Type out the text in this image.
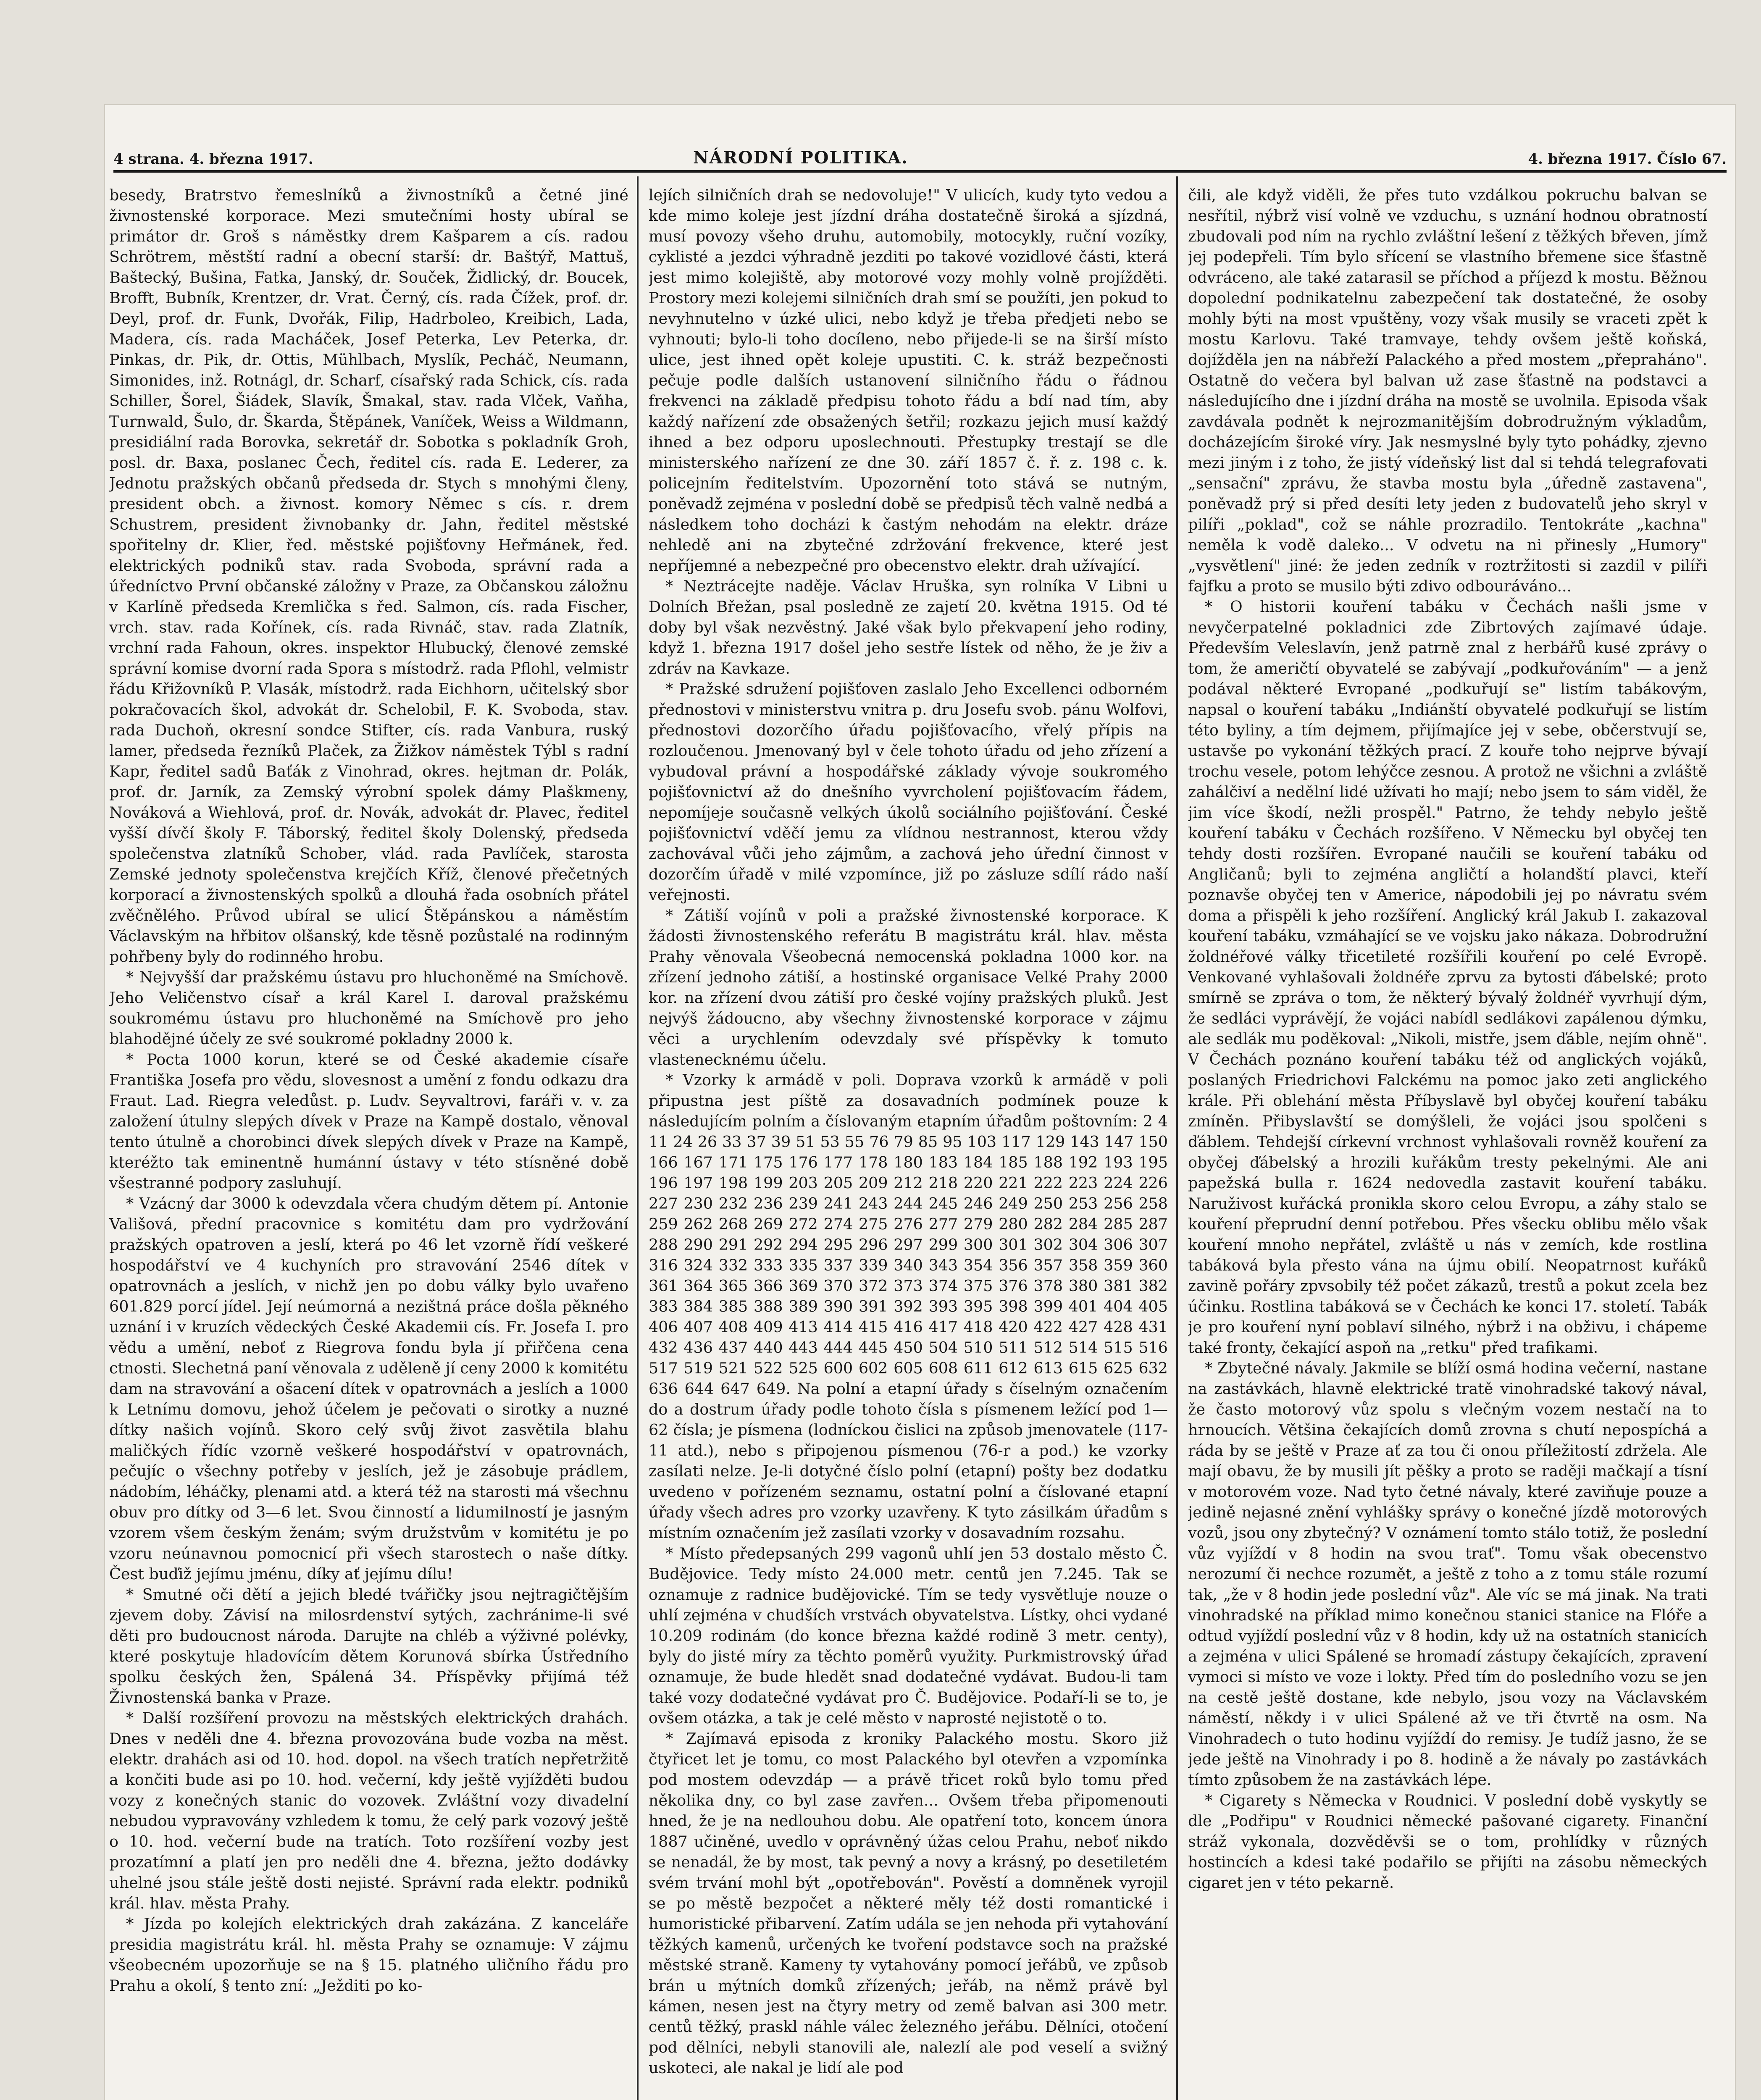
4 strana. 4. března 1917.	NÁRODNÍ POLITIKA.	4. března 1917. Číslo 67.

besedy, Bratrstvo řemeslníků a živnostníků a četné jiné živnostenské korporace. Mezi smutečními hosty ubíral se primátor dr. Groš s náměstky drem Kašparem a cís. radou Schrötrem, městští radní a obecní starší: dr. Baštýř, Mattuš, Baštecký, Bušina, Fatka, Janský, dr. Souček, Židlický, dr. Boucek, Brofft, Bubník, Krentzer, dr. Vrat. Černý, cís. rada Čížek, prof. dr. Deyl, prof. dr. Funk, Dvořák, Filip, Hadrboleo, Kreibich, Lada, Madera, cís. rada Macháček, Josef Peterka, Lev Peterka, dr. Pinkas, dr. Pik, dr. Ottis, Mühlbach, Myslík, Pecháč, Neumann, Simonides, inž. Rotnágl, dr. Scharf, císařský rada Schick, cís. rada Schiller, Šorel, Šiádek, Slavík, Šmakal, stav. rada Vlček, Vaňha, Turnwald, Šulo, dr. Škarda, Štěpánek, Vaníček, Weiss a Wildmann, presidiální rada Borovka, sekretář dr. Sobotka s pokladník Groh, posl. dr. Baxa, poslanec Čech, ředitel cís. rada E. Lederer, za Jednotu pražských občanů předseda dr. Stych s mnohými členy, president obch. a živnost. komory Němec s cís. r. drem Schustrem, president živnobanky dr. Jahn, ředitel městské spořitelny dr. Klier, řed. městské pojišťovny Heřmánek, řed. elektrických podniků stav. rada Svoboda, správní rada a úředníctvo První občanské záložny v Praze, za Občanskou záložnu v Karlíně předseda Kremlička s řed. Salmon, cís. rada Fischer, vrch. stav. rada Kořínek, cís. rada Rivnáč, stav. rada Zlatník, vrchní rada Fahoun, okres. inspektor Hlubucký, členové zemské správní komise dvorní rada Spora s místodrž. rada Pflohl, velmistr řádu Křižovníků P. Vlasák, místodrž. rada Eichhorn, učitelský sbor pokračovacích škol, advokát dr. Schelobil, F. K. Svoboda, stav. rada Duchoň, okresní sondce Stifter, cís. rada Vanbura, ruský lamer, předseda řezníků Plaček, za Žižkov náměstek Týbl s radní Kapr, ředitel sadů Baťák z Vinohrad, okres. hejtman dr. Polák, prof. dr. Jarník, za Zemský výrobní spolek dámy Plaškmeny, Nováková a Wiehlová, prof. dr. Novák, advokát dr. Plavec, ředitel vyšší dívčí školy F. Táborský, ředitel školy Dolenský, předseda společenstva zlatníků Schober, vlád. rada Pavlíček, starosta Zemské jednoty společenstva krejčích Kříž, členové přečetných korporací a živnostenských spolků a dlouhá řada osobních přátel zvěčnělého. Průvod ubíral se ulicí Štěpánskou a náměstím Václavským na hřbitov olšanský, kde těsně pozůstalé na rodinným pohřbeny byly do rodinného hrobu.

* Nejvyšší dar pražskému ústavu pro hluchoněmé na Smíchově. Jeho Veličenstvo císař a král Karel I. daroval pražskému soukromému ústavu pro hluchoněmé na Smíchově pro jeho blahodějné účely ze své soukromé pokladny 2000 k.

* Pocta 1000 korun, které se od České akademie císaře Františka Josefa pro vědu, slovesnost a umění z fondu odkazu dra Fraut. Lad. Riegra veledůst. p. Ludv. Seyvaltrovi, faráři v. v. za založení útulny slepých dívek v Praze na Kampě dostalo, věnoval tento útulně a chorobinci dívek slepých dívek v Praze na Kampě, kteréžto tak eminentně humánní ústavy v této stísněné době všestranné podpory zasluhují.

* Vzácný dar 3000 k odevzdala včera chudým dětem pí. Antonie Vališová, přední pracovnice s komitétu dam pro vydržování pražských opatroven a jeslí, která po 46 let vzorně řídí veškeré hospodářství ve 4 kuchyních pro stravování 2546 dítek v opatrovnách a jeslích, v nichž jen po dobu války bylo uvařeno 601.829 porcí jídel. Její neúmorná a nezištná práce došla pěkného uznání i v kruzích vědeckých České Akademii cís. Fr. Josefa I. pro vědu a umění, neboť z Riegrova fondu byla jí přiřčena cena ctnosti. Slechetná paní věnovala z uděleně jí ceny 2000 k komitétu dam na stravování a ošacení dítek v opatrovnách a jeslích a 1000 k Letnímu domovu, jehož účelem je pečovati o sirotky a nuzné dítky našich vojínů. Skoro celý svůj život zasvětila blahu maličkých řídíc vzorně veškeré hospodářství v opatrovnách, pečujíc o všechny potřeby v jeslích, jež je zásobuje prádlem, nádobím, léháčky, plenami atd. a která též na starosti má všechnu obuv pro dítky od 3—6 let. Svou činností a lidumilností je jasným vzorem všem českým ženám; svým družstvům v komitétu je po vzoru neúnavnou pomocnicí při všech starostech o naše dítky. Čest buďiž jejímu jménu, díky ať jejímu dílu!

* Smutné oči dětí a jejich bledé tvářičky jsou nejtragičtějším zjevem doby. Závisí na milosrdenství sytých, zachránime-li své děti pro budoucnost národa. Darujte na chléb a výživné polévky, které poskytuje hladovícím dětem Korunová sbírka Ústředního spolku českých žen, Spálená 34. Příspěvky přijímá též Živnostenská banka v Praze.

* Další rozšíření provozu na městských elektrických drahách. Dnes v neděli dne 4. března provozována bude vozba na měst. elektr. drahách asi od 10. hod. dopol. na všech tratích nepřetržitě a končiti bude asi po 10. hod. večerní, kdy ještě vyjížděti budou vozy z konečných stanic do vozovek. Zvláštní vozy divadelní nebudou vypravovány vzhledem k tomu, že celý park vozový ještě o 10. hod. večerní bude na tratích. Toto rozšíření vozby jest prozatímní a platí jen pro neděli dne 4. března, ježto dodávky uhelné jsou stále ještě dosti nejisté. Správní rada elektr. podniků král. hlav. města Prahy.

* Jízda po kolejích elektrických drah zakázána. Z kanceláře presidia magistrátu král. hl. města Prahy se oznamuje: V zájmu všeobecném upozorňuje se na § 15. platného uličního řádu pro Prahu a okolí, § tento zní: „Ježditi po ko-

lejích silničních drah se nedovoluje!" V ulicích, kudy tyto vedou a kde mimo koleje jest jízdní dráha dostatečně široká a sjízdná, musí povozy všeho druhu, automobily, motocykly, ruční vozíky, cyklisté a jezdci výhradně jezditi po takové vozidlové části, která jest mimo kolejiště, aby motorové vozy mohly volně projížděti. Prostory mezi kolejemi silničních drah smí se použíti, jen pokud to nevyhnutelno v úzké ulici, nebo když je třeba předjeti nebo se vyhnouti; bylo-li toho docíleno, nebo přijede-li se na širší místo ulice, jest ihned opět koleje upustiti. C. k. stráž bezpečnosti pečuje podle dalších ustanovení silničního řádu o řádnou frekvenci na základě předpisu tohoto řádu a bdí nad tím, aby každý nařízení zde obsažených šetřil; rozkazu jejich musí každý ihned a bez odporu uposlechnouti. Přestupky trestají se dle ministerského nařízení ze dne 30. září 1857 č. ř. z. 198 c. k. policejním ředitelstvím. Upozornění toto stává se nutným, poněvadž zejména v poslední době se předpisů těch valně nedbá a následkem toho docházi k častým nehodám na elektr. dráze nehledě ani na zbytečné zdržování frekvence, které jest nepříjemné a nebezpečné pro obecenstvo elektr. drah užívající.

* Neztrácejte naděje. Václav Hruška, syn rolníka V Libni u Dolních Břežan, psal posledně ze zajetí 20. května 1915. Od té doby byl však nezvěstný. Jaké však bylo překvapení jeho rodiny, když 1. března 1917 došel jeho sestře lístek od něho, že je živ a zdráv na Kavkaze.

* Pražské sdružení pojišťoven zaslalo Jeho Excellenci odborném přednostovi v ministerstvu vnitra p. dru Josefu svob. pánu Wolfovi, přednostovi dozorčího úřadu pojišťovacího, vřelý přípis na rozloučenou. Jmenovaný byl v čele tohoto úřadu od jeho zřízení a vybudoval právní a hospodářské základy vývoje soukromého pojišťovnictví až do dnešního vyvrcholení pojišťovacím řádem, nepomíjeje současně velkých úkolů sociálního pojišťování. České pojišťovnictví vděčí jemu za vlídnou nestrannost, kterou vždy zachovával vůči jeho zájmům, a zachová jeho úřední činnost v dozorčím úřadě v milé vzpomínce, již po zásluze sdílí rádo naší veřejnosti.

* Zátiší vojínů v poli a pražské živnostenské korporace. K žádosti živnostenského referátu B magistrátu král. hlav. města Prahy věnovala Všeobecná nemocenská pokladna 1000 kor. na zřízení jednoho zátiší, a hostinské organisace Velké Prahy 2000 kor. na zřízení dvou zátiší pro české vojíny pražských pluků. Jest nejvýš žádoucno, aby všechny živnostenské korporace v zájmu věci a urychlením odevzdaly své příspěvky k tomuto vlastenecknému účelu.

* Vzorky k armádě v poli. Doprava vzorků k armádě v poli připustna jest píště za dosavadních podmínek pouze k následujícím polním a číslovaným etapním úřadům poštovním: 2 4 11 24 26 33 37 39 51 53 55 76 79 85 95 103 117 129 143 147 150 166 167 171 175 176 177 178 180 183 184 185 188 192 193 195 196 197 198 199 203 205 209 212 218 220 221 222 223 224 226 227 230 232 236 239 241 243 244 245 246 249 250 253 256 258 259 262 268 269 272 274 275 276 277 279 280 282 284 285 287 288 290 291 292 294 295 296 297 299 300 301 302 304 306 307 316 324 332 333 335 337 339 340 343 354 356 357 358 359 360 361 364 365 366 369 370 372 373 374 375 376 378 380 381 382 383 384 385 388 389 390 391 392 393 395 398 399 401 404 405 406 407 408 409 413 414 415 416 417 418 420 422 427 428 431 432 436 437 440 443 444 445 450 504 510 511 512 514 515 516 517 519 521 522 525 600 602 605 608 611 612 613 615 625 632 636 644 647 649. Na polní a etapní úřady s číselným označením do a dostrum úřady podle tohoto čísla s písmenem ležící pod 1—62 čísla; je písmena (lodníckou čislici na způsob jmenovatele (117-11 atd.), nebo s připojenou písmenou (76-r a pod.) ke vzorky zasílati nelze. Je-li dotyčné číslo polní (etapní) pošty bez dodatku uvedeno v pořízeném seznamu, ostatní polní a číslované etapní úřady všech adres pro vzorky uzavřeny. K tyto zásilkám úřadům s místním označením jež zasílati vzorky v dosavadním rozsahu.

* Místo předepsaných 299 vagonů uhlí jen 53 dostalo město Č. Budějovice. Tedy místo 24.000 metr. centů jen 7.245. Tak se oznamuje z radnice budějovické. Tím se tedy vysvětluje nouze o uhlí zejména v chudších vrstvách obyvatelstva. Lístky, ohci vydané 10.209 rodinám (do konce března každé rodině 3 metr. centy), byly do jisté míry za těchto poměrů využity. Purkmistrovský úřad oznamuje, že bude hledět snad dodatečné vydávat. Budou-li tam také vozy dodatečné vydávat pro Č. Budějovice. Podaří-li se to, je ovšem otázka, a tak je celé město v naprosté nejistotě o to.

* Zajímavá episoda z kroniky Palackého mostu. Skoro již čtyřicet let je tomu, co most Palackého byl otevřen a vzpomínka pod mostem odevzdáp — a právě třicet roků bylo tomu před několika dny, co byl zase zavřen... Ovšem třeba připomenouti hned, že je na nedlouhou dobu. Ale opatření toto, koncem února 1887 učiněné, uvedlo v oprávněný úžas celou Prahu, neboť nikdo se nenadál, že by most, tak pevný a novy a krásný, po desetiletém svém trvání mohl být „opotřebován". Pověstí a domněnek vyrojil se po městě bezpočet a některé měly též dosti romantické i humoristické přibarvení. Zatím udála se jen nehoda při vytahování těžkých kamenů, určených ke tvoření podstavce soch na pražské městské straně. Kameny ty vytahovány pomocí jeřábů, ve způsob brán u mýtních domků zřízených; jeřáb, na němž právě byl kámen, nesen jest na čtyry metry od země balvan asi 300 metr. centů těžký, praskl náhle válec železného jeřábu. Dělníci, otočení pod dělníci, nebyli stanovili ale, nalezlí ale pod veselí a svižný uskoteci, ale nakal je lidí ale pod

čili, ale když viděli, že přes tuto vzdálkou pokruchu balvan se nesřítil, nýbrž visí volně ve vzduchu, s uznání hodnou obratností zbudovali pod ním na rychlo zvláštní lešení z těžkých břeven, jímž jej podepřeli. Tím bylo sřícení se vlastního břemene sice šťastně odvráceno, ale také zatarasil se příchod a příjezd k mostu. Běžnou dopolední podnikatelnu zabezpečení tak dostatečné, že osoby mohly býti na most vpuštěny, vozy však musily se vraceti zpět k mostu Karlovu. Také tramvaye, tehdy ovšem ještě koňská, dojížděla jen na nábřeží Palackého a před mostem „přepraháno". Ostatně do večera byl balvan už zase šťastně na podstavci a následujícího dne i jízdní dráha na mostě se uvolnila. Episoda však zavdávala podnět k nejrozmanitějším dobrodružným výkladům, docházejícím široké víry. Jak nesmyslné byly tyto pohádky, zjevno mezi jiným i z toho, že jistý vídeňský list dal si tehdá telegrafovati „sensační" zprávu, že stavba mostu byla „úředně zastavena", poněvadž prý si před desíti lety jeden z budovatelů jeho skryl v pilíři „poklad", což se náhle prozradilo. Tentokráte „kachna" neměla k vodě daleko... V odvetu na ni přinesly „Humory" „vysvětlení" jiné: že jeden zedník v roztržitosti si zazdil v pilíři fajfku a proto se musilo býti zdivo odbouráváno...

* O historii kouření tabáku v Čechách našli jsme v nevyčerpatelné pokladnici zde Zibrtových zajímavé údaje. Především Veleslavín, jenž patrně znal z herbářů kusé zprávy o tom, že američtí obyvatelé se zabývají „podkuřováním" — a jenž podával některé Evropané „podkuřují se" listím tabákovým, napsal o kouření tabáku „Indiánští obyvatelé podkuřují se listím této byliny, a tím dejmem, přijímajíce jej v sebe, občerstvují se, ustavše po vykonání těžkých prací. Z kouře toho nejprve bývají trochu vesele, potom lehýčce zesnou. A protož ne všichni a zvláště zahálčiví a nedělní lidé užívati ho mají; nebo jsem to sám viděl, že jim více škodí, nežli prospěl." Patrno, že tehdy nebylo ještě kouření tabáku v Čechách rozšířeno. V Německu byl obyčej ten tehdy dosti rozšířen. Evropané naučili se kouření tabáku od Angličanů; byli to zejména angličtí a holandští plavci, kteří poznavše obyčej ten v Americe, nápodobili jej po návratu svém doma a přispěli k jeho rozšíření. Anglický král Jakub I. zakazoval kouření tabáku, vzmáhající se ve vojsku jako nákaza. Dobrodružní žoldnéřové války třicetileté rozšířili kouření po celé Evropě. Venkované vyhlašovali žoldnéře zprvu za bytosti ďábelské; proto smírně se zpráva o tom, že některý bývalý žoldnéř vyvrhují dým, že sedláci vyprávějí, že vojáci nabídl sedlákovi zapálenou dýmku, ale sedlák mu poděkoval: „Nikoli, mistře, jsem ďáble, nejím ohně". V Čechách poznáno kouření tabáku též od anglických vojáků, poslaných Friedrichovi Falckému na pomoc jako zeti anglického krále. Při oblehání města Příbyslavě byl obyčej kouření tabáku zmíněn. Přibyslavští se domýšleli, že vojáci jsou spolčeni s ďáblem. Tehdejší církevní vrchnost vyhlašovali rovněž kouření za obyčej ďábelský a hrozili kuřákům tresty pekelnými. Ale ani papežská bulla r. 1624 nedovedla zastavit kouření tabáku. Naruživost kuřácká pronikla skoro celou Evropu, a záhy stalo se kouření přeprudní denní potřebou. Přes všecku oblibu mělo však kouření mnoho nepřátel, zvláště u nás v zemích, kde rostlina tabáková byla přesto vána na újmu obilí. Neopatrnost kuřáků zavině pořáry zpvsobily též počet zákazů, trestů a pokut zcela bez účinku. Rostlina tabáková se v Čechách ke konci 17. století. Tabák je pro kouření nyní poblaví silného, nýbrž i na obživu, i chápeme také fronty, čekající aspoň na „retku" před trafikami.

* Zbytečné návaly. Jakmile se blíží osmá hodina večerní, nastane na zastávkách, hlavně elektrické tratě vinohradské takový nával, že často motorový vůz spolu s vlečným vozem nestačí na to hrnoucích. Většina čekajících domů zrovna s chutí nepospíchá a ráda by se ještě v Praze ať za tou či onou příležitostí zdržela. Ale mají obavu, že by musili jít pěšky a proto se raději mačkají a tísní v motorovém voze. Nad tyto četné návaly, které zaviňuje pouze a jedině nejasné znění vyhlášky správy o konečné jízdě motorových vozů, jsou ony zbytečný? V oznámení tomto stálo totiž, že poslední vůz vyjíždí v 8 hodin na svou trať". Tomu však obecenstvo nerozumí či nechce rozumět, a ještě z toho a z tomu stále rozumí tak, „že v 8 hodin jede poslední vůz". Ale víc se má jinak. Na trati vinohradské na příklad mimo konečnou stanici stanice na Flóře a odtud vyjíždí poslední vůz v 8 hodin, kdy už na ostatních stanicích a zejména v ulici Spálené se hromadí zástupy čekajících, zpravení vymoci si místo ve voze i lokty. Před tím do posledního vozu se jen na cestě ještě dostane, kde nebylo, jsou vozy na Václavském náměstí, někdy i v ulici Spálené až ve tři čtvrtě na osm. Na Vinohradech o tuto hodinu vyjíždí do remisy. Je tudíž jasno, že se jede ještě na Vinohrady i po 8. hodině a že návaly po zastávkách tímto způsobem že na zastávkách lépe.

* Cigarety s Německa v Roudnici. V poslední době vyskytly se dle „Podřipu" v Roudnici německé pašované cigarety. Finanční stráž vykonala, dozvěděvši se o tom, prohlídky v různých hostincích a kdesi také podařilo se přijíti na zásobu německých cigaret jen v této pekarně.
